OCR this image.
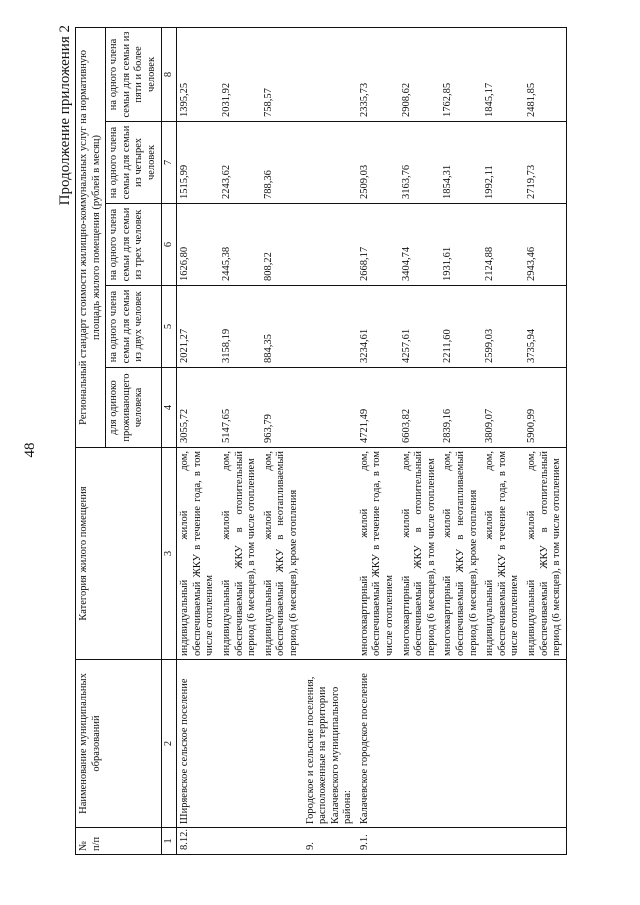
48
Продолжение приложения 2
№ п/п	Наименование муниципальных образований	Категория жилого помещения	Региональный стандарт стоимости жилищно-коммунальных услуг на нормативную площадь жилого помещения (рублей в месяц)				
			для одиноко проживающего человека	на одного члена семьи для семьи из двух человек	на одного члена семьи для семьи из трех человек	на одного члена семьи для семьи из четырех человек	на одного члена семьи для семьи из пяти и более человек
1	2	3	4	5	6	7	8
8.12.	Ширяевское сельское поселение	индивидуальный жилой дом, обеспечиваемый ЖКУ в течение года, в том числе отоплением	3055,72	2021,27	1626,80	1515,99	1395,25
		индивидуальный жилой дом, обеспечиваемый ЖКУ в отопительный период (6 месяцев), в том числе отоплением	5147,65	3158,19	2445,38	2243,62	2031,92
		индивидуальный жилой дом, обеспечиваемый ЖКУ в неотапливаемый период (6 месяцев), кроме отопления	963,79	884,35	808,22	788,36	758,57
9.	Городское и сельские поселения, расположенные на территории Калачевского муниципального района:						
9.1.	Калачевское городское поселение	многоквартирный жилой дом, обеспечиваемый ЖКУ в течение года, в том числе отоплением	4721,49	3234,61	2668,17	2509,03	2335,73
		многоквартирный жилой дом, обеспечиваемый ЖКУ в отопительный период (6 месяцев), в том числе отоплением	6603,82	4257,61	3404,74	3163,76	2908,62
		многоквартирный жилой дом, обеспечиваемый ЖКУ в неотапливаемый период (6 месяцев), кроме отопления	2839,16	2211,60	1931,61	1854,31	1762,85
		индивидуальный жилой дом, обеспечиваемый ЖКУ в течение года, в том числе отоплением	3809,07	2599,03	2124,88	1992,11	1845,17
		индивидуальный жилой дом, обеспечиваемый ЖКУ в отопительный период (6 месяцев), в том числе отоплением	5900,99	3735,94	2943,46	2719,73	2481,85
